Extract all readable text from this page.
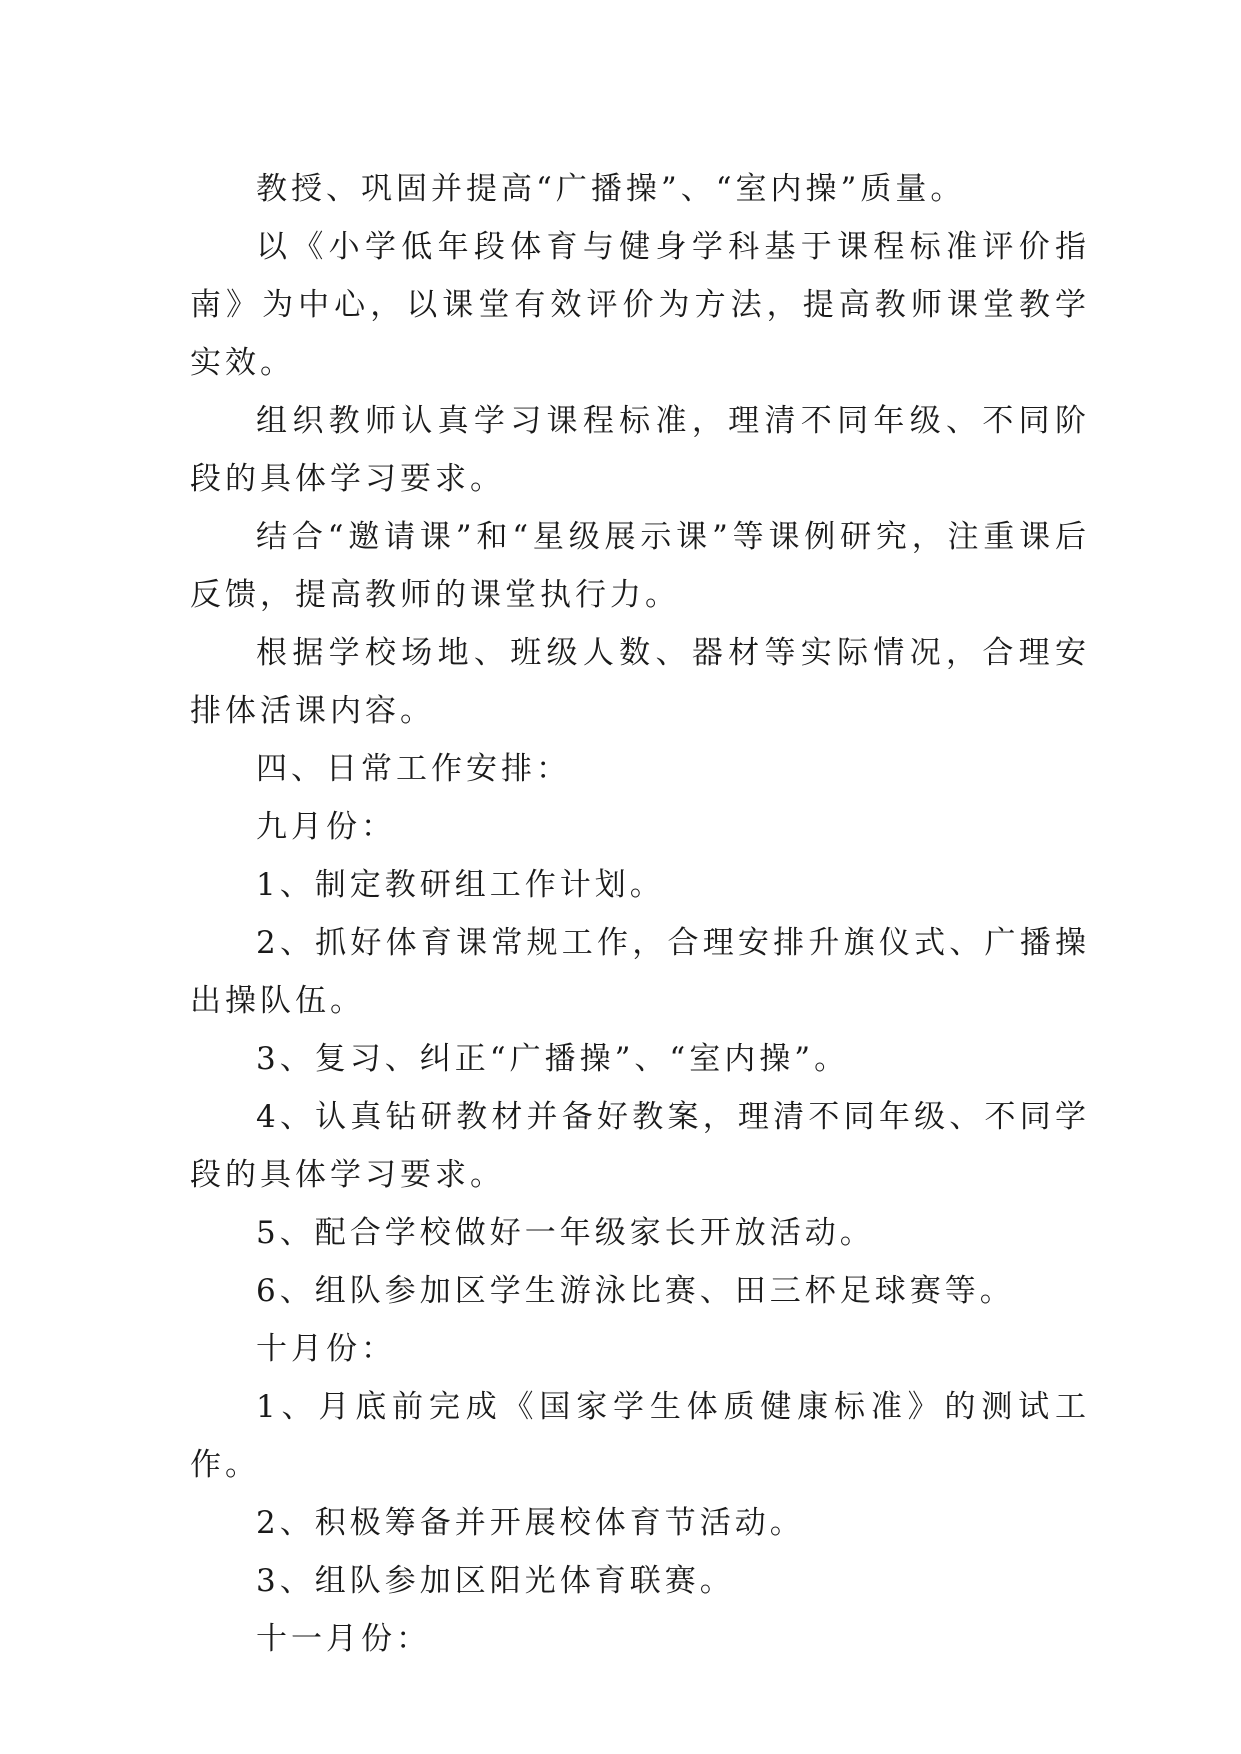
教授、巩固并提高“广播操”、“室内操”质量。

以《小学低年段体育与健身学科基于课程标准评价指南》为中心，以课堂有效评价为方法，提高教师课堂教学实效。

组织教师认真学习课程标准，理清不同年级、不同阶段的具体学习要求。

结合“邀请课”和“星级展示课”等课例研究，注重课后反馈，提高教师的课堂执行力。

根据学校场地、班级人数、器材等实际情况，合理安排体活课内容。

四、日常工作安排：

九月份：

1、制定教研组工作计划。

2、抓好体育课常规工作，合理安排升旗仪式、广播操出操队伍。

3、复习、纠正“广播操”、“室内操”。

4、认真钻研教材并备好教案，理清不同年级、不同学段的具体学习要求。

5、配合学校做好一年级家长开放活动。

6、组队参加区学生游泳比赛、田三杯足球赛等。

十月份：

1、月底前完成《国家学生体质健康标准》的测试工作。

2、积极筹备并开展校体育节活动。

3、组队参加区阳光体育联赛。

十一月份：
